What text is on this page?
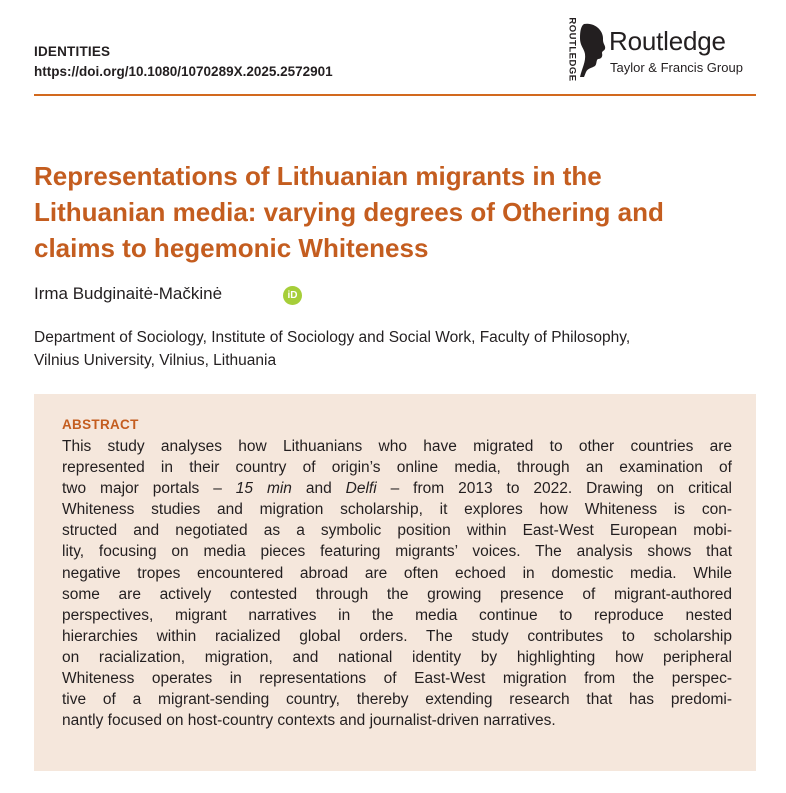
IDENTITIES
https://doi.org/10.1080/1070289X.2025.2572901	ROUTLEDGE Routledge
Taylor & Francis Group
Representations of Lithuanian migrants in the
Lithuanian media: varying degrees of Othering and
claims to hegemonic Whiteness
Irma Budginaitė-Mačkinė	iD
Department of Sociology, Institute of Sociology and Social Work, Faculty of Philosophy,
Vilnius University, Vilnius, Lithuania
ABSTRACT
This study analyses how Lithuanians who have migrated to other countries are
represented in their country of origin’s online media, through an examination of
two major portals – 15 min and Delfi – from 2013 to 2022. Drawing on critical
Whiteness studies and migration scholarship, it explores how Whiteness is con-
structed and negotiated as a symbolic position within East-West European mobi-
lity, focusing on media pieces featuring migrants’ voices. The analysis shows that
negative tropes encountered abroad are often echoed in domestic media. While
some are actively contested through the growing presence of migrant-authored
perspectives, migrant narratives in the media continue to reproduce nested
hierarchies within racialized global orders. The study contributes to scholarship
on racialization, migration, and national identity by highlighting how peripheral
Whiteness operates in representations of East-West migration from the perspec-
tive of a migrant-sending country, thereby extending research that has predomi-
nantly focused on host-country contexts and journalist-driven narratives.
